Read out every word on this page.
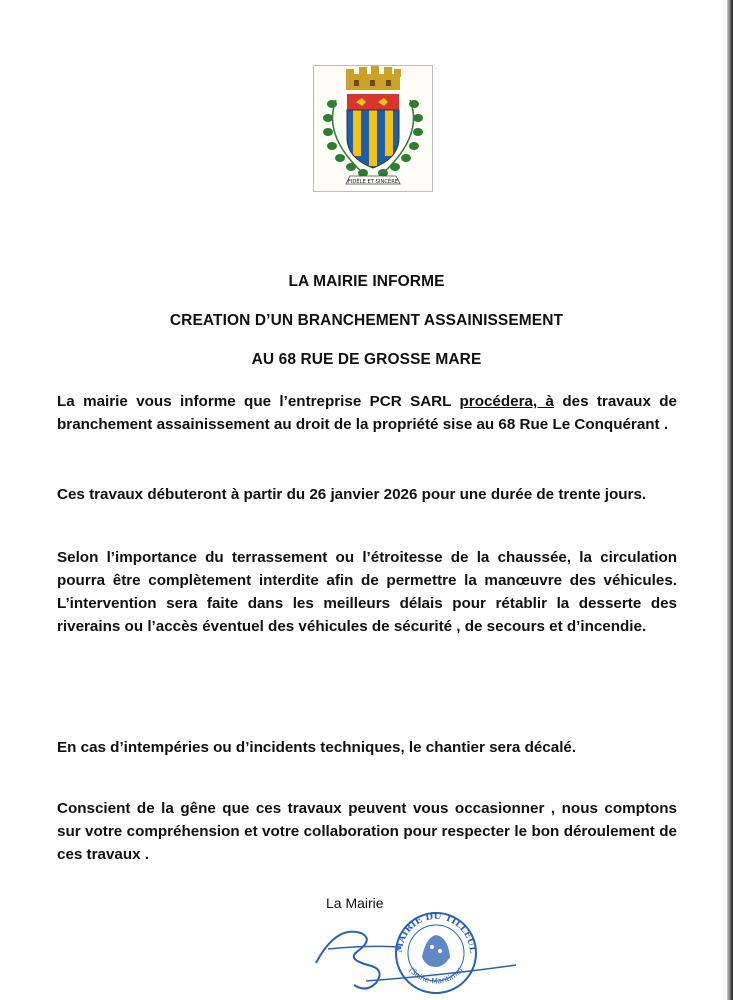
FIDÈLE ET SINCÈRE
LA MAIRIE INFORME
CREATION D’UN BRANCHEMENT ASSAINISSEMENT
AU 68 RUE DE GROSSE MARE
La mairie vous informe que l’entreprise PCR SARL procédera, à des travaux de branchement assainissement au droit de la propriété sise au 68 Rue Le Conquérant .
Ces travaux débuteront à partir du 26 janvier 2026 pour une durée de trente jours.
Selon l’importance du terrassement ou l’étroitesse de la chaussée, la circulation pourra être complètement interdite afin de permettre la manœuvre des véhicules. L’intervention sera faite dans les meilleurs délais pour rétablir la desserte des riverains ou l’accès éventuel des véhicules de sécurité , de secours et d’incendie.
En cas d’intempéries ou d’incidents techniques, le chantier sera décalé.
Conscient de la gêne que ces travaux peuvent vous occasionner , nous comptons sur votre compréhension et votre collaboration pour respecter le bon déroulement de ces travaux .
La Mairie
MAIRIE DU TILLEUL
(Seine-Maritime)
